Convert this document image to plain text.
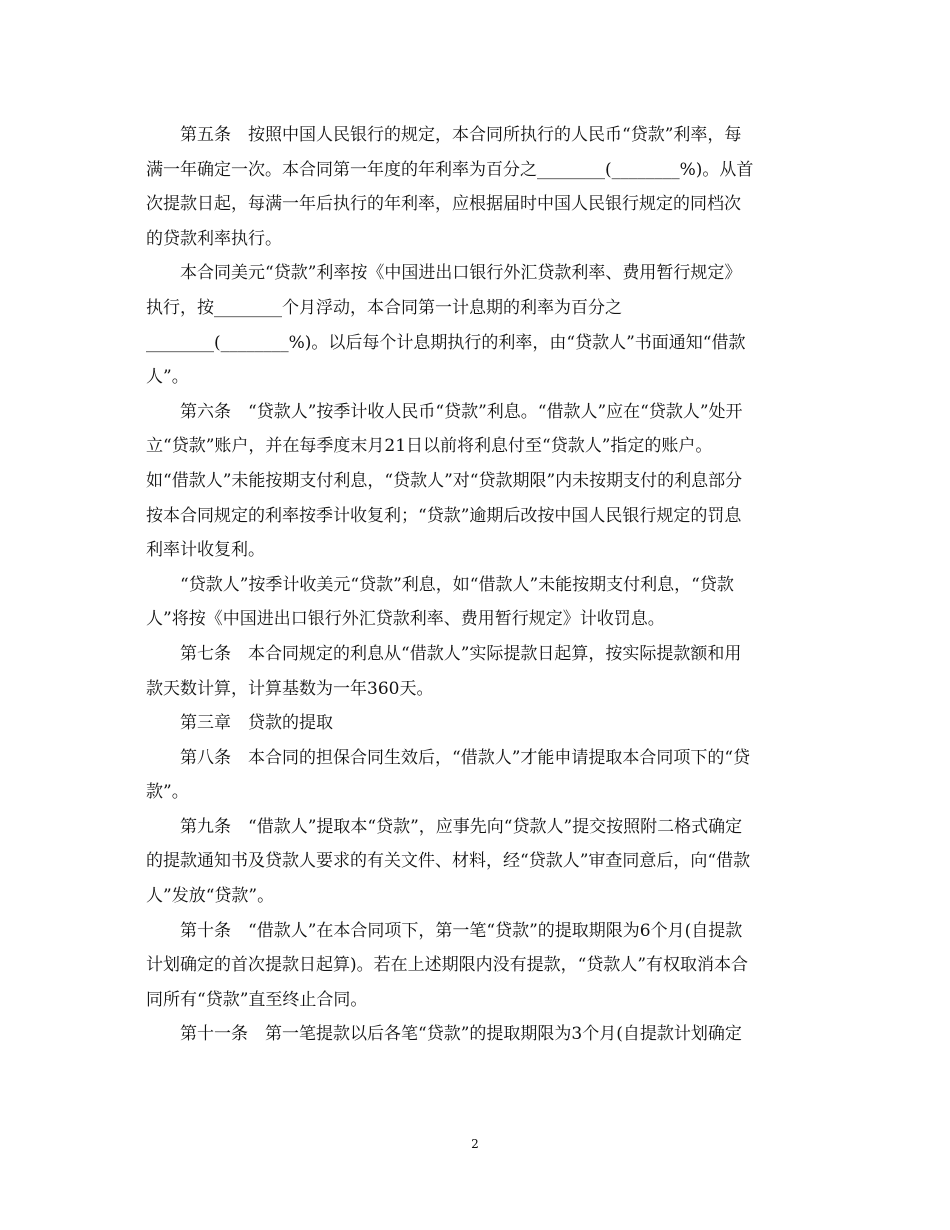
第五条　按照中国人民银行的规定，本合同所执行的人民币“贷款”利率，每
满一年确定一次。本合同第一年度的年利率为百分之________(________%)。从首
次提款日起，每满一年后执行的年利率，应根据届时中国人民银行规定的同档次
的贷款利率执行。
本合同美元“贷款”利率按《中国进出口银行外汇贷款利率、费用暂行规定》
执行，按________个月浮动，本合同第一计息期的利率为百分之
________(________%)。以后每个计息期执行的利率，由“贷款人”书面通知“借款
人”。
第六条　“贷款人”按季计收人民币“贷款”利息。“借款人”应在“贷款人”处开
立“贷款”账户，并在每季度末月21日以前将利息付至“贷款人”指定的账户。
如“借款人”未能按期支付利息，“贷款人”对“贷款期限”内未按期支付的利息部分
按本合同规定的利率按季计收复利；“贷款”逾期后改按中国人民银行规定的罚息
利率计收复利。
“贷款人”按季计收美元“贷款”利息，如“借款人”未能按期支付利息，“贷款
人”将按《中国进出口银行外汇贷款利率、费用暂行规定》计收罚息。
第七条　本合同规定的利息从“借款人”实际提款日起算，按实际提款额和用
款天数计算，计算基数为一年360天。
第三章　贷款的提取
第八条　本合同的担保合同生效后，“借款人”才能申请提取本合同项下的“贷
款”。
第九条　“借款人”提取本“贷款”，应事先向“贷款人”提交按照附二格式确定
的提款通知书及贷款人要求的有关文件、材料，经“贷款人”审查同意后，向“借款
人”发放“贷款”。
第十条　“借款人”在本合同项下，第一笔“贷款”的提取期限为6个月(自提款
计划确定的首次提款日起算)。若在上述期限内没有提款，“贷款人”有权取消本合
同所有“贷款”直至终止合同。
第十一条　第一笔提款以后各笔“贷款”的提取期限为3个月(自提款计划确定
2
